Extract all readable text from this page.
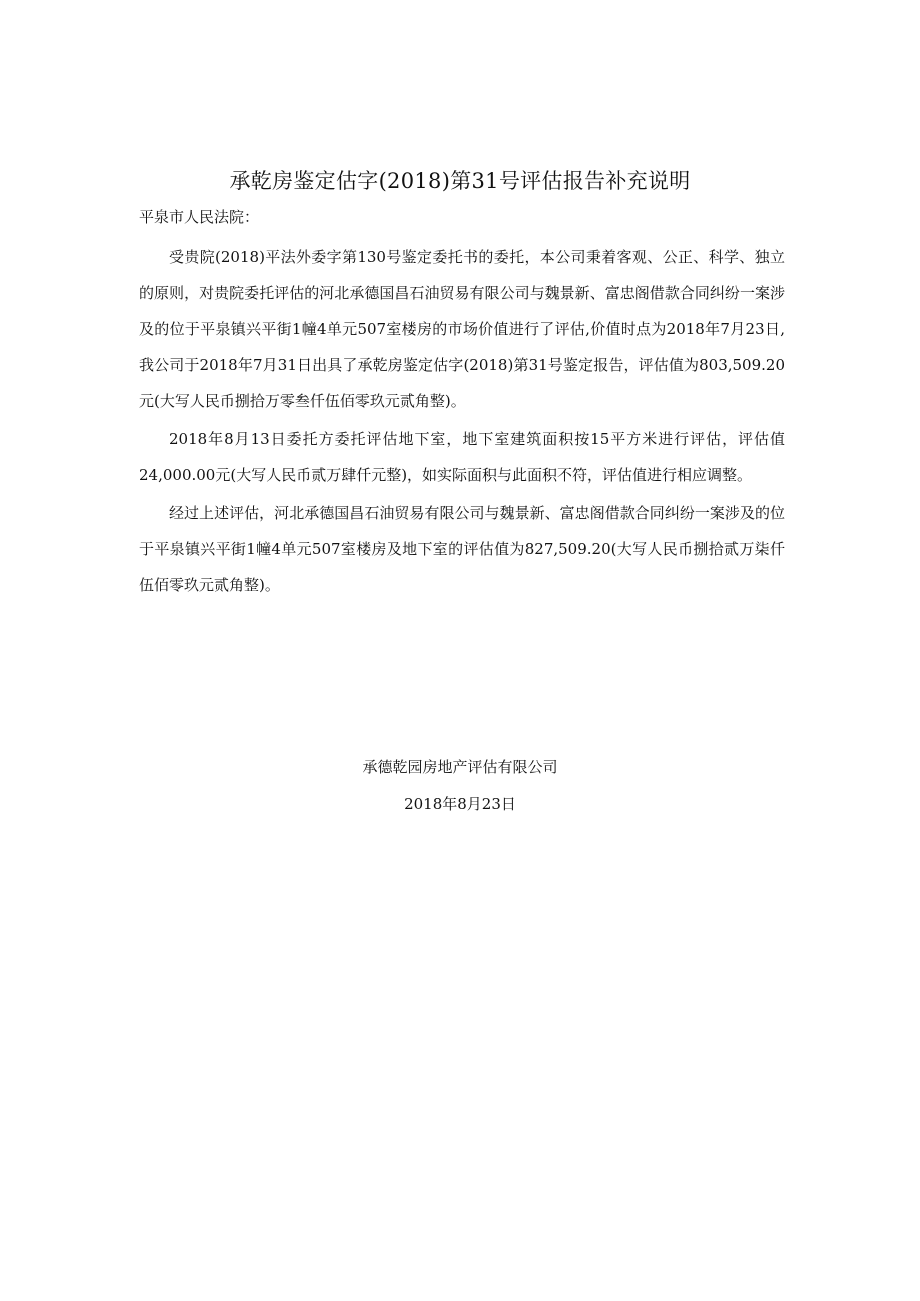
承乾房鉴定估字(2018)第31号评估报告补充说明
平泉市人民法院：

受贵院(2018)平法外委字第130号鉴定委托书的委托，本公司秉着客观、公正、科学、独立的原则，对贵院委托评估的河北承德国昌石油贸易有限公司与魏景新、富忠阁借款合同纠纷一案涉及的位于平泉镇兴平街1幢4单元507室楼房的市场价值进行了评估,价值时点为2018年7月23日,我公司于2018年7月31日出具了承乾房鉴定估字(2018)第31号鉴定报告，评估值为803,509.20元(大写人民币捌拾万零叁仟伍佰零玖元贰角整)。

2018年8月13日委托方委托评估地下室，地下室建筑面积按15平方米进行评估，评估值24,000.00元(大写人民币贰万肆仟元整)，如实际面积与此面积不符，评估值进行相应调整。

经过上述评估，河北承德国昌石油贸易有限公司与魏景新、富忠阁借款合同纠纷一案涉及的位于平泉镇兴平街1幢4单元507室楼房及地下室的评估值为827,509.20(大写人民币捌拾贰万柒仟伍佰零玖元贰角整)。

承德乾园房地产评估有限公司
2018年8月23日
